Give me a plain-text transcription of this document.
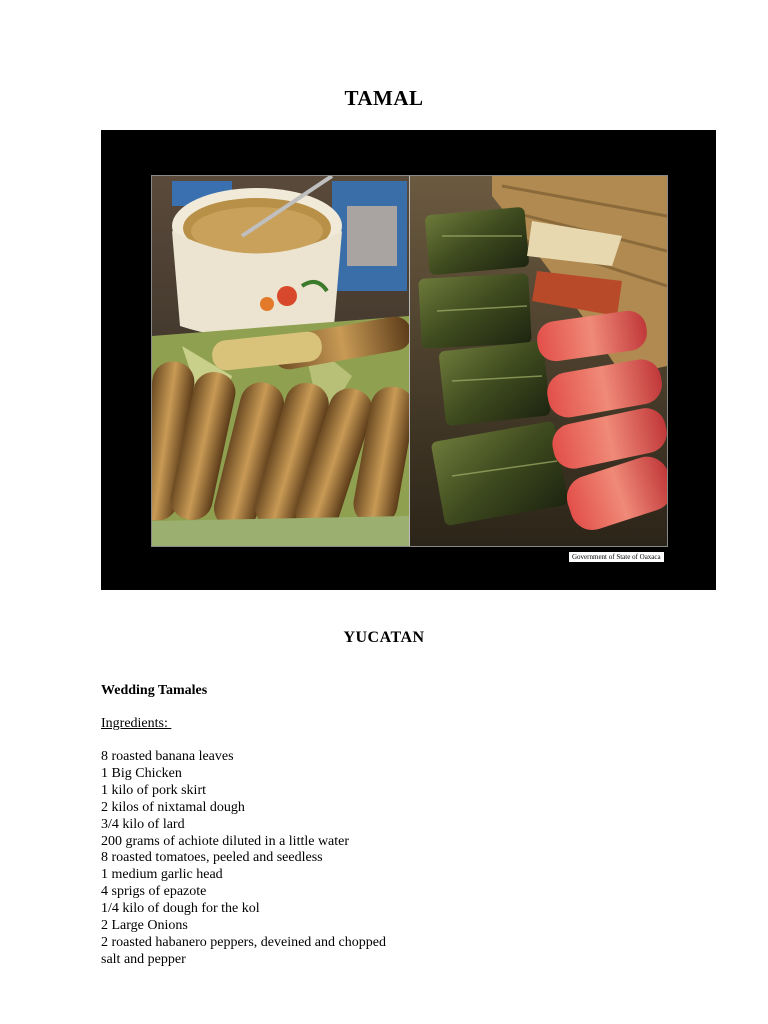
TAMAL
Government of State of Oaxaca
YUCATAN
Wedding Tamales
Ingredients:
8 roasted banana leaves
1 Big Chicken
1 kilo of pork skirt
2 kilos of nixtamal dough
3/4 kilo of lard
200 grams of achiote diluted in a little water
8 roasted tomatoes, peeled and seedless
1 medium garlic head
4 sprigs of epazote
1/4 kilo of dough for the kol
2 Large Onions
2 roasted habanero peppers, deveined and chopped
salt and pepper
